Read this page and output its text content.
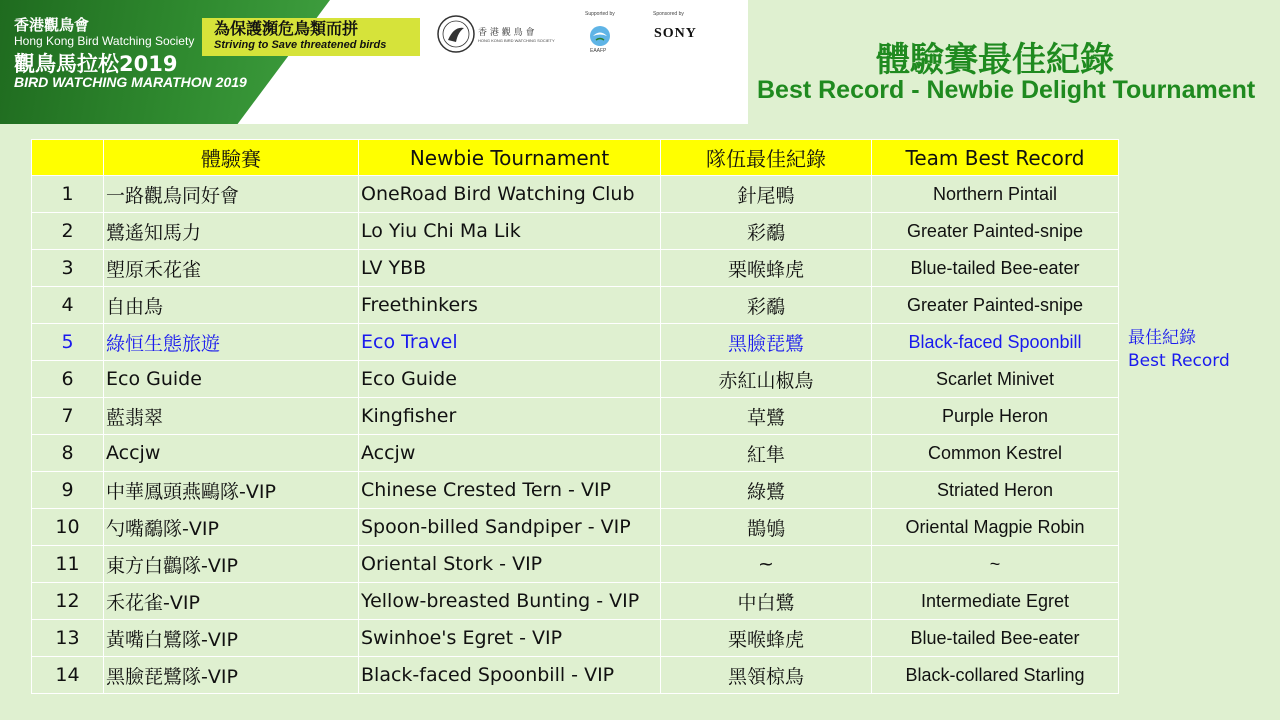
香港觀鳥會
Hong Kong Bird Watching Society
觀鳥馬拉松2019
BIRD WATCHING MARATHON 2019
為保護瀕危鳥類而拼
Striving to Save threatened birds
香 港 觀 鳥 會
HONG KONG BIRD WATCHING SOCIETY
Supported by
EAAFP
Sponsored by
SONY
體驗賽最佳紀錄
Best Record - Newbie Delight Tournament
	體驗賽	Newbie Tournament	隊伍最佳紀錄	Team Best Record
1	一路觀鳥同好會	OneRoad Bird Watching Club	針尾鴨	Northern Pintail
2	鷺遙知馬力	Lo Yiu Chi Ma Lik	彩鷸	Greater Painted-snipe
3	塱原禾花雀	LV YBB	栗喉蜂虎	Blue-tailed Bee-eater
4	自由鳥	Freethinkers	彩鷸	Greater Painted-snipe
5	綠恒生態旅遊	Eco Travel	黑臉琵鷺	Black-faced Spoonbill
6	Eco Guide	Eco Guide	赤紅山椒鳥	Scarlet Minivet
7	藍翡翠	Kingfisher	草鷺	Purple Heron
8	Accjw	Accjw	紅隼	Common Kestrel
9	中華鳳頭燕鷗隊-VIP	Chinese Crested Tern - VIP	綠鷺	Striated Heron
10	勺嘴鷸隊-VIP	Spoon-billed Sandpiper - VIP	鵲鴝	Oriental Magpie Robin
11	東方白鸛隊-VIP	Oriental Stork - VIP	~	~
12	禾花雀-VIP	Yellow-breasted Bunting - VIP	中白鷺	Intermediate Egret
13	黃嘴白鷺隊-VIP	Swinhoe's Egret - VIP	栗喉蜂虎	Blue-tailed Bee-eater
14	黑臉琵鷺隊-VIP	Black-faced Spoonbill - VIP	黑領椋鳥	Black-collared Starling
最佳紀錄
Best Record
